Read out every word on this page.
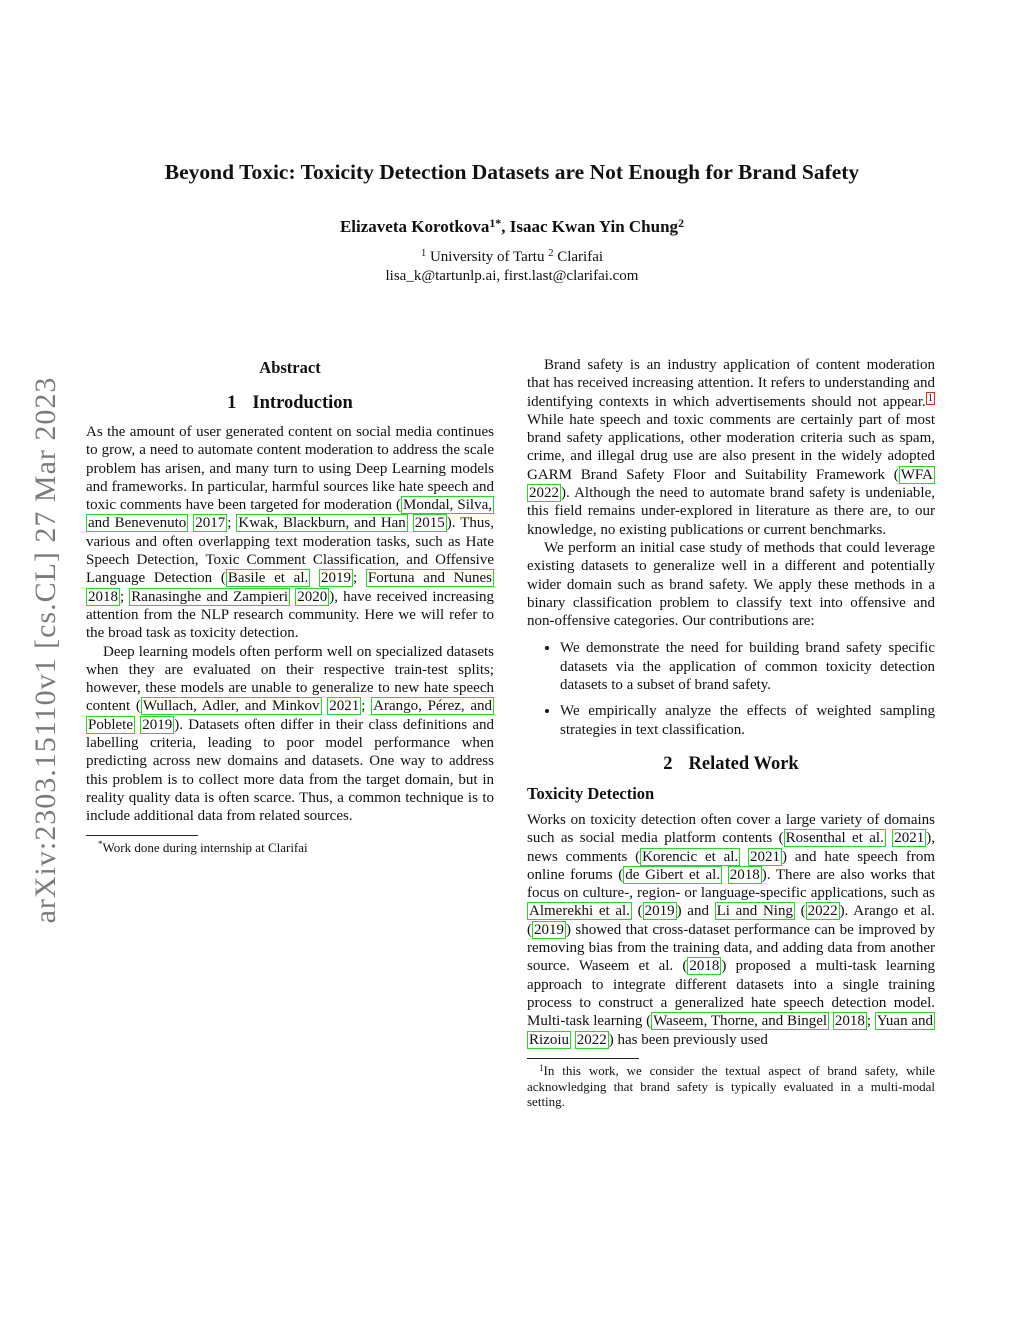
arXiv:2303.15110v1 [cs.CL] 27 Mar 2023
Beyond Toxic: Toxicity Detection Datasets are Not Enough for Brand Safety
Elizaveta Korotkova$^{1*}$, Isaac Kwan Yin Chung$^2$
$^1$ University of Tartu $^2$ Clarifai
lisa_k@tartunlp.ai, first.last@clarifai.com
Abstract

1 Introduction

As the amount of user generated content on social media continues to grow, a need to automate content moderation to address the scale problem has arisen, and many turn to using Deep Learning models and frameworks. In particular, harmful sources like hate speech and toxic comments have been targeted for moderation ( Mondal, Silva, and Benevenuto 2017 ; Kwak, Blackburn, and Han 2015 ). Thus, various and often overlapping text moderation tasks, such as Hate Speech Detection, Toxic Comment Classification, and Offensive Language Detection ( Basile et al. 2019 ; Fortuna and Nunes 2018 ; Ranasinghe and Zampieri 2020 ), have received increasing attention from the NLP research community. Here we will refer to the broad task as toxicity detection.

Deep learning models often perform well on specialized datasets when they are evaluated on their respective train-test splits; however, these models are unable to generalize to new hate speech content ( Wullach, Adler, and Minkov 2021 ; Arango, Pérez, and Poblete 2019 ). Datasets often differ in their class definitions and labelling criteria, leading to poor model performance when predicting across new domains and datasets. One way to address this problem is to collect more data from the target domain, but in reality quality data is often scarce. Thus, a common technique is to include additional data from related sources.

*Work done during internship at Clarifai

Brand safety is an industry application of content moderation that has received increasing attention. It refers to understanding and identifying contexts in which advertisements should not appear. $^1$ While hate speech and toxic comments are certainly part of most brand safety applications, other moderation criteria such as spam, crime, and illegal drug use are also present in the widely adopted GARM Brand Safety Floor and Suitability Framework ( WFA 2022 ). Although the need to automate brand safety is undeniable, this field remains under-explored in literature as there are, to our knowledge, no existing publications or current benchmarks.

We perform an initial case study of methods that could leverage existing datasets to generalize well in a different and potentially wider domain such as brand safety. We apply these methods in a binary classification problem to classify text into offensive and non-offensive categories. Our contributions are:

• We demonstrate the need for building brand safety specific datasets via the application of common toxicity detection datasets to a subset of brand safety.
• We empirically analyze the effects of weighted sampling strategies in text classification.
2 Related Work
Toxicity Detection

Works on toxicity detection often cover a large variety of domains such as social media platform contents ( Rosenthal et al. 2021 ), news comments ( Korencic et al. 2021 ) and hate speech from online forums ( de Gibert et al. 2018 ). There are also works that focus on culture-, region- or language-specific applications, such as Almerekhi et al. ( 2019 ) and Li and Ning ( 2022 ). Arango et al. ( 2019 ) showed that cross-dataset performance can be improved by removing bias from the training data, and adding data from another source. Waseem et al. ( 2018 ) proposed a multi-task learning approach to integrate different datasets into a single training process to construct a generalized hate speech detection model. Multi-task learning ( Waseem, Thorne, and Bingel 2018 ; Yuan and Rizoiu 2022 ) has been previously used

$^1$In this work, we consider the textual aspect of brand safety, while acknowledging that brand safety is typically evaluated in a multi-modal setting.
